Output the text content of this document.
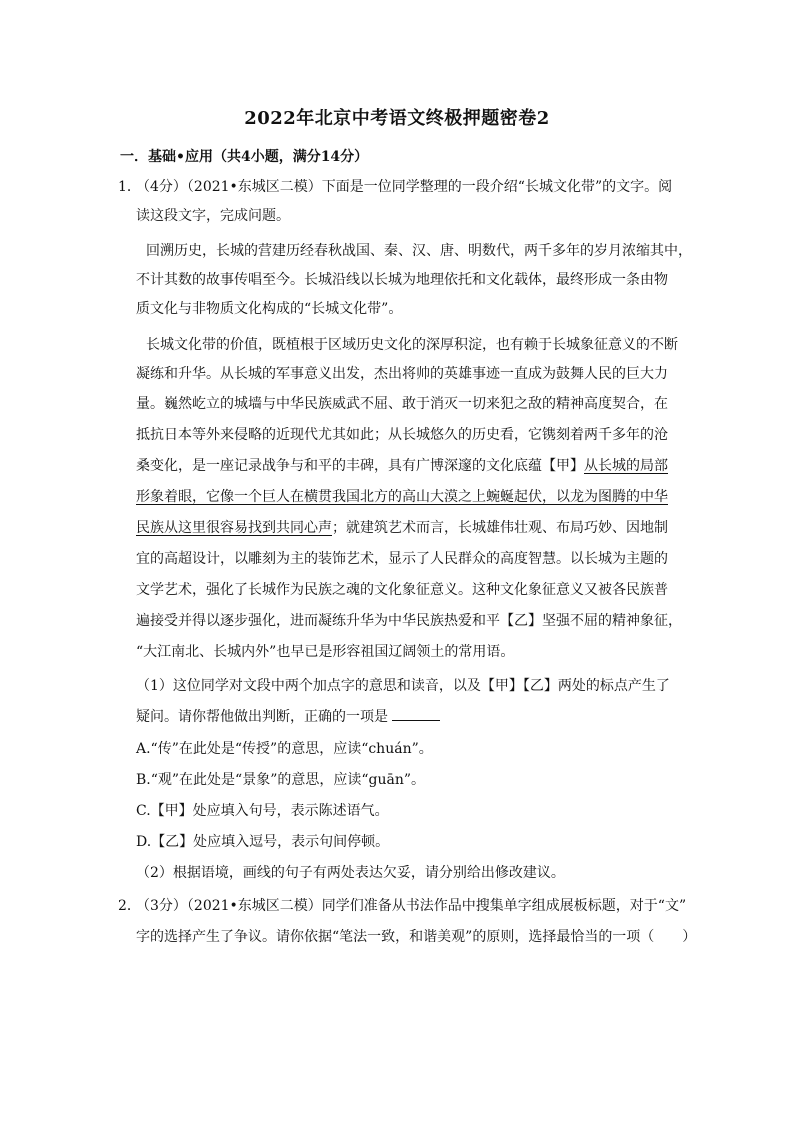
2022年北京中考语文终极押题密卷2
一．基础•应用（共4小题，满分14分）
1．
（4分）（2021•东城区二模）下面是一位同学整理的一段介绍“长城文化带”的文字。阅
读这段文字，完成问题。
回溯历史，长城的营建历经春秋战国、秦、汉、唐、明数代，两千多年的岁月浓缩其中，
不计其数的故事传唱至今。长城沿线以长城为地理依托和文化载体，最终形成一条由物
质文化与非物质文化构成的“长城文化带”。
长城文化带的价值，既植根于区域历史文化的深厚积淀，也有赖于长城象征意义的不断
凝练和升华。从长城的军事意义出发，杰出将帅的英雄事迹一直成为鼓舞人民的巨大力
量。巍然屹立的城墙与中华民族威武不屈、敢于消灭一切来犯之敌的精神高度契合，在
抵抗日本等外来侵略的近现代尤其如此；从长城悠久的历史看，它镌刻着两千多年的沧
桑变化，是一座记录战争与和平的丰碑，具有广博深邃的文化底蕴【甲】从长城的局部
形象着眼，它像一个巨人在横贯我国北方的高山大漠之上蜿蜒起伏，以龙为图腾的中华
民族从这里很容易找到共同心声；就建筑艺术而言，长城雄伟壮观、布局巧妙、因地制
宜的高超设计，以雕刻为主的装饰艺术，显示了人民群众的高度智慧。以长城为主题的
文学艺术，强化了长城作为民族之魂的文化象征意义。这种文化象征意义又被各民族普
遍接受并得以逐步强化，进而凝练升华为中华民族热爱和平【乙】坚强不屈的精神象征，
“大江南北、长城内外”也早已是形容祖国辽阔领土的常用语。
（1）这位同学对文段中两个加点字的意思和读音，以及【甲】【乙】两处的标点产生了
疑问。请你帮他做出判断，正确的一项是
A.“传”在此处是“传授”的意思，应读“chuán”。
B.“观”在此处是“景象”的意思，应读“guān”。
C.【甲】处应填入句号，表示陈述语气。
D.【乙】处应填入逗号，表示句间停顿。
（2）根据语境，画线的句子有两处表达欠妥，请分别给出修改建议。
2．
（3分）（2021•东城区二模）同学们准备从书法作品中搜集单字组成展板标题，对于“文”
字的选择产生了争议。请你依据“笔法一致，和谐美观”的原则，选择最恰当的一项（　　）
